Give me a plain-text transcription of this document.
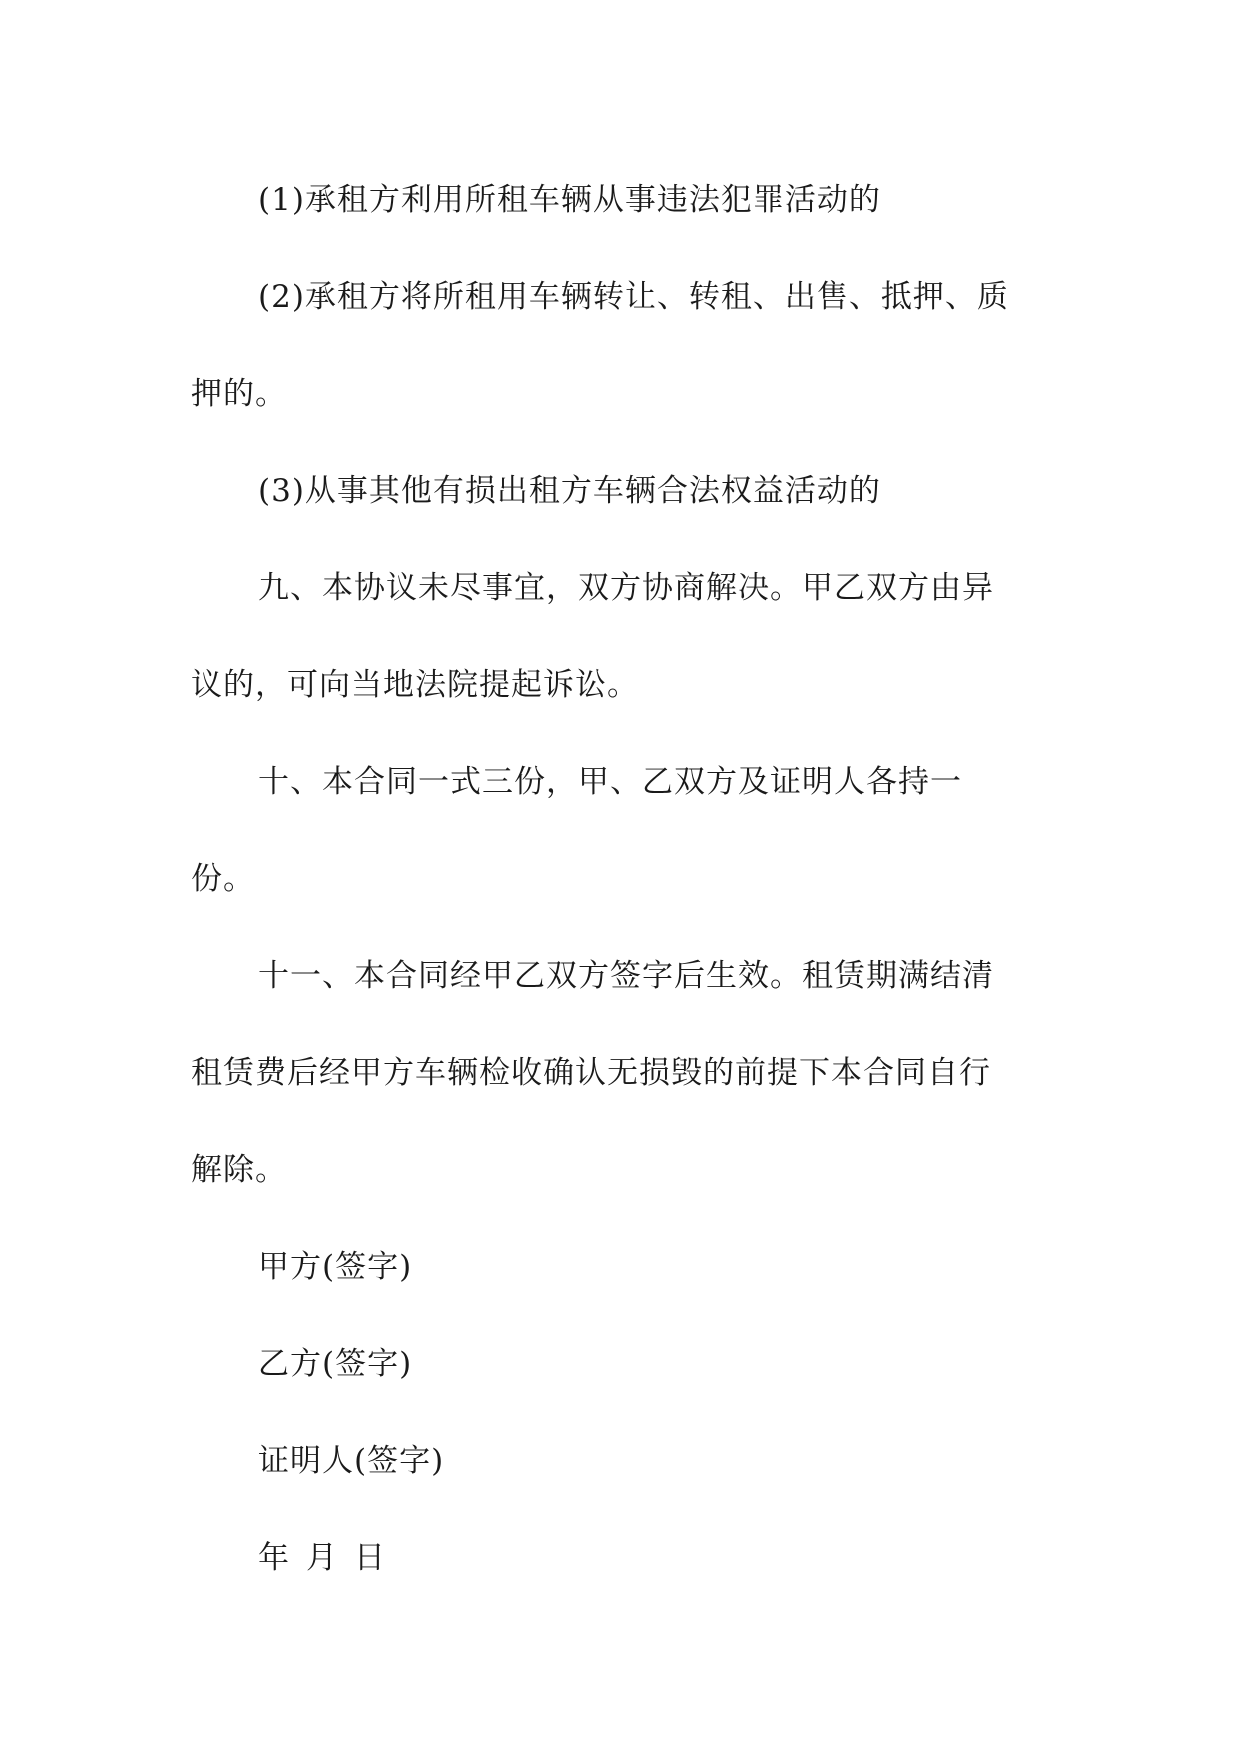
(1)承租方利用所租车辆从事违法犯罪活动的
(2)承租方将所租用车辆转让、转租、出售、抵押、质
押的。
(3)从事其他有损出租方车辆合法权益活动的
九、本协议未尽事宜，双方协商解决。甲乙双方由异
议的，可向当地法院提起诉讼。
十、本合同一式三份，甲、乙双方及证明人各持一
份。
十一、本合同经甲乙双方签字后生效。租赁期满结清
租赁费后经甲方车辆检收确认无损毁的前提下本合同自行
解除。
甲方(签字)
乙方(签字)
证明人(签字)
年 月 日
